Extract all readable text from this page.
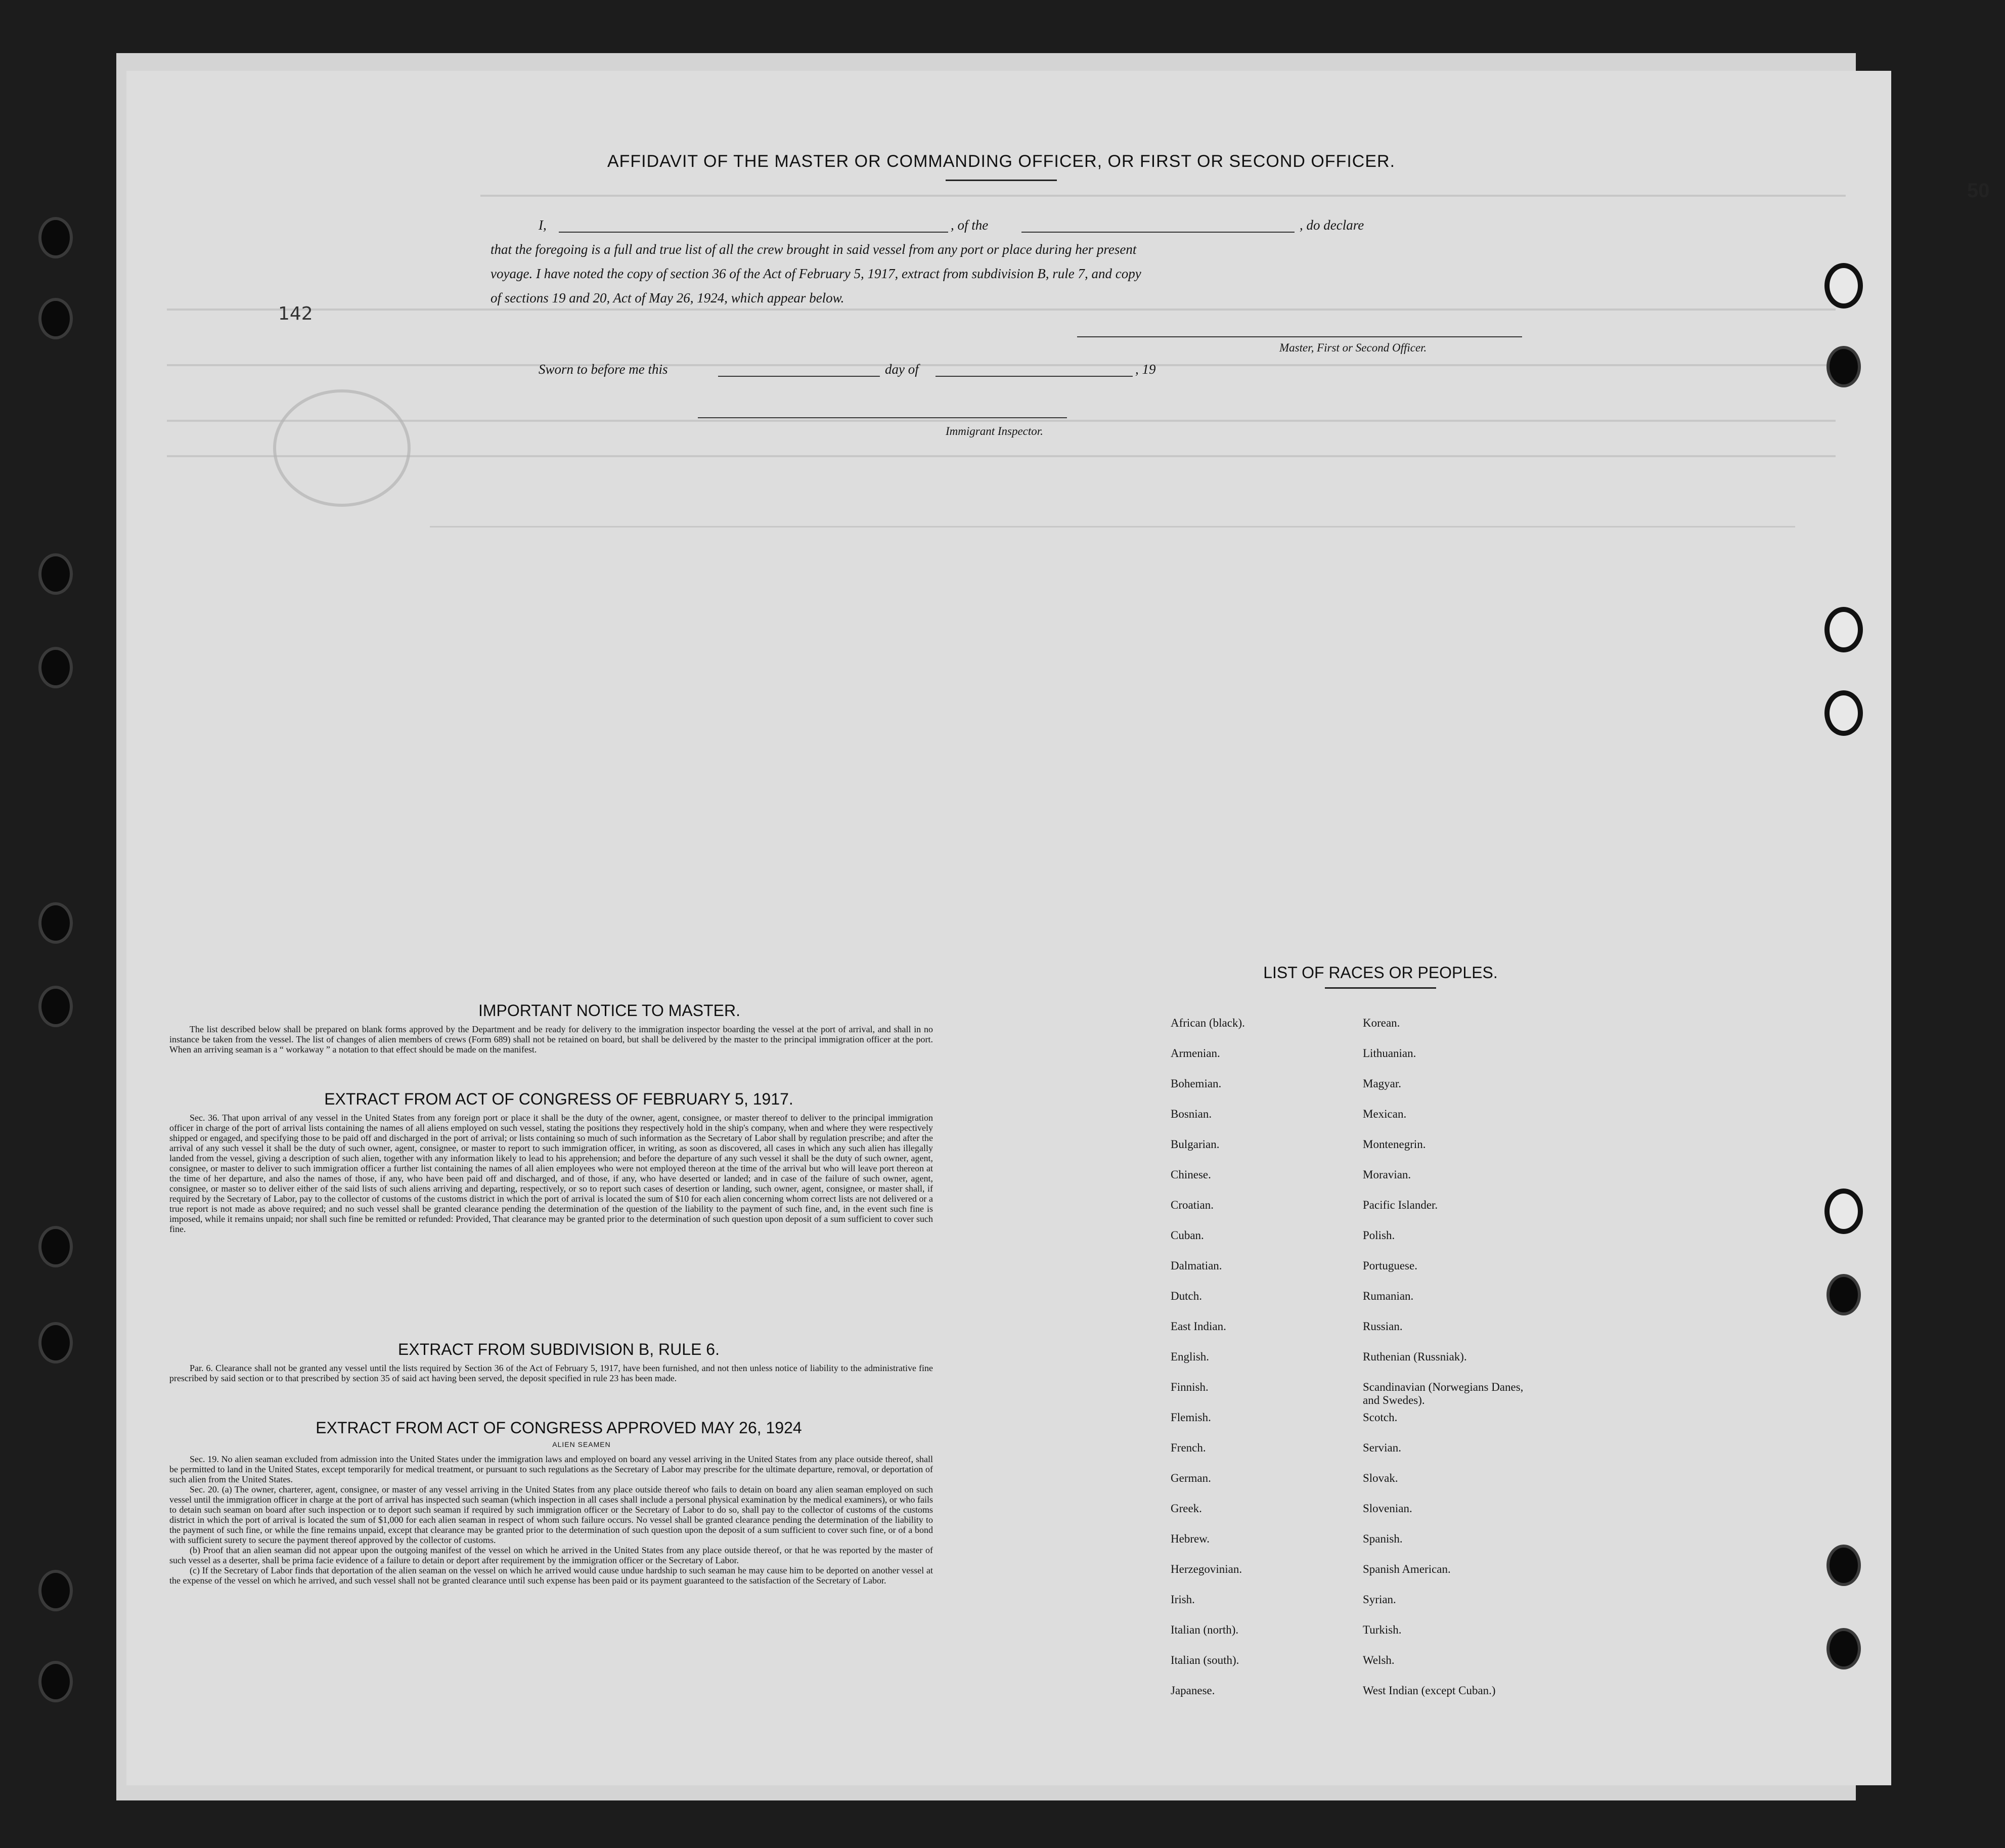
50
142
AFFIDAVIT OF THE MASTER OR COMMANDING OFFICER, OR FIRST OR SECOND OFFICER.
I,	, of the	, do declare
that the foregoing is a full and true list of all the crew brought in said vessel from any port or place during her present
voyage. I have noted the copy of section 36 of the Act of February 5, 1917, extract from subdivision B, rule 7, and copy
of sections 19 and 20, Act of May 26, 1924, which appear below.
Master, First or Second Officer.
Sworn to before me this	day of	, 19
Immigrant Inspector.
IMPORTANT NOTICE TO MASTER.

The list described below shall be prepared on blank forms approved by the Department and be ready for delivery to the immigration inspector boarding the vessel at the port of arrival, and shall in no instance be taken from the vessel. The list of changes of alien members of crews (Form 689) shall not be retained on board, but shall be delivered by the master to the principal immigration officer at the port. When an arriving seaman is a “ workaway ” a notation to that effect should be made on the manifest.

EXTRACT FROM ACT OF CONGRESS OF FEBRUARY 5, 1917.

Sec. 36. That upon arrival of any vessel in the United States from any foreign port or place it shall be the duty of the owner, agent, consignee, or master thereof to deliver to the principal immigration officer in charge of the port of arrival lists containing the names of all aliens employed on such vessel, stating the positions they respectively hold in the ship's company, when and where they were respectively shipped or engaged, and specifying those to be paid off and discharged in the port of arrival; or lists containing so much of such information as the Secretary of Labor shall by regulation prescribe; and after the arrival of any such vessel it shall be the duty of such owner, agent, consignee, or master to report to such immigration officer, in writing, as soon as discovered, all cases in which any such alien has illegally landed from the vessel, giving a description of such alien, together with any information likely to lead to his apprehension; and before the departure of any such vessel it shall be the duty of such owner, agent, consignee, or master to deliver to such immigration officer a further list containing the names of all alien employees who were not employed thereon at the time of the arrival but who will leave port thereon at the time of her departure, and also the names of those, if any, who have been paid off and discharged, and of those, if any, who have deserted or landed; and in case of the failure of such owner, agent, consignee, or master so to deliver either of the said lists of such aliens arriving and departing, respectively, or so to report such cases of desertion or landing, such owner, agent, consignee, or master shall, if required by the Secretary of Labor, pay to the collector of customs of the customs district in which the port of arrival is located the sum of $10 for each alien concerning whom correct lists are not delivered or a true report is not made as above required; and no such vessel shall be granted clearance pending the determination of the question of the liability to the payment of such fine, and, in the event such fine is imposed, while it remains unpaid; nor shall such fine be remitted or refunded: Provided, That clearance may be granted prior to the determination of such question upon deposit of a sum sufficient to cover such fine.

EXTRACT FROM SUBDIVISION B, RULE 6.

Par. 6. Clearance shall not be granted any vessel until the lists required by Section 36 of the Act of February 5, 1917, have been furnished, and not then unless notice of liability to the administrative fine prescribed by said section or to that prescribed by section 35 of said act having been served, the deposit specified in rule 23 has been made.

EXTRACT FROM ACT OF CONGRESS APPROVED MAY 26, 1924
ALIEN SEAMEN

Sec. 19. No alien seaman excluded from admission into the United States under the immigration laws and employed on board any vessel arriving in the United States from any place outside thereof, shall be permitted to land in the United States, except temporarily for medical treatment, or pursuant to such regulations as the Secretary of Labor may prescribe for the ultimate departure, removal, or deportation of such alien from the United States.

Sec. 20. (a) The owner, charterer, agent, consignee, or master of any vessel arriving in the United States from any place outside thereof who fails to detain on board any alien seaman employed on such vessel until the immigration officer in charge at the port of arrival has inspected such seaman (which inspection in all cases shall include a personal physical examination by the medical examiners), or who fails to detain such seaman on board after such inspection or to deport such seaman if required by such immigration officer or the Secretary of Labor to do so, shall pay to the collector of customs of the customs district in which the port of arrival is located the sum of $1,000 for each alien seaman in respect of whom such failure occurs. No vessel shall be granted clearance pending the determination of the liability to the payment of such fine, or while the fine remains unpaid, except that clearance may be granted prior to the determination of such question upon the deposit of a sum sufficient to cover such fine, or of a bond with sufficient surety to secure the payment thereof approved by the collector of customs.

(b) Proof that an alien seaman did not appear upon the outgoing manifest of the vessel on which he arrived in the United States from any place outside thereof, or that he was reported by the master of such vessel as a deserter, shall be prima facie evidence of a failure to detain or deport after requirement by the immigration officer or the Secretary of Labor.

(c) If the Secretary of Labor finds that deportation of the alien seaman on the vessel on which he arrived would cause undue hardship to such seaman he may cause him to be deported on another vessel at the expense of the vessel on which he arrived, and such vessel shall not be granted clearance until such expense has been paid or its payment guaranteed to the satisfaction of the Secretary of Labor.

LIST OF RACES OR PEOPLES.
African (black).	Korean.
Armenian.	Lithuanian.
Bohemian.	Magyar.
Bosnian.	Mexican.
Bulgarian.	Montenegrin.
Chinese.	Moravian.
Croatian.	Pacific Islander.
Cuban.	Polish.
Dalmatian.	Portuguese.
Dutch.	Rumanian.
East Indian.	Russian.
English.	Ruthenian (Russniak).
Finnish.	Scandinavian (Norwegians Danes, and Swedes).
Flemish.	Scotch.
French.	Servian.
German.	Slovak.
Greek.	Slovenian.
Hebrew.	Spanish.
Herzegovinian.	Spanish American.
Irish.	Syrian.
Italian (north).	Turkish.
Italian (south).	Welsh.
Japanese.	West Indian (except Cuban.)
